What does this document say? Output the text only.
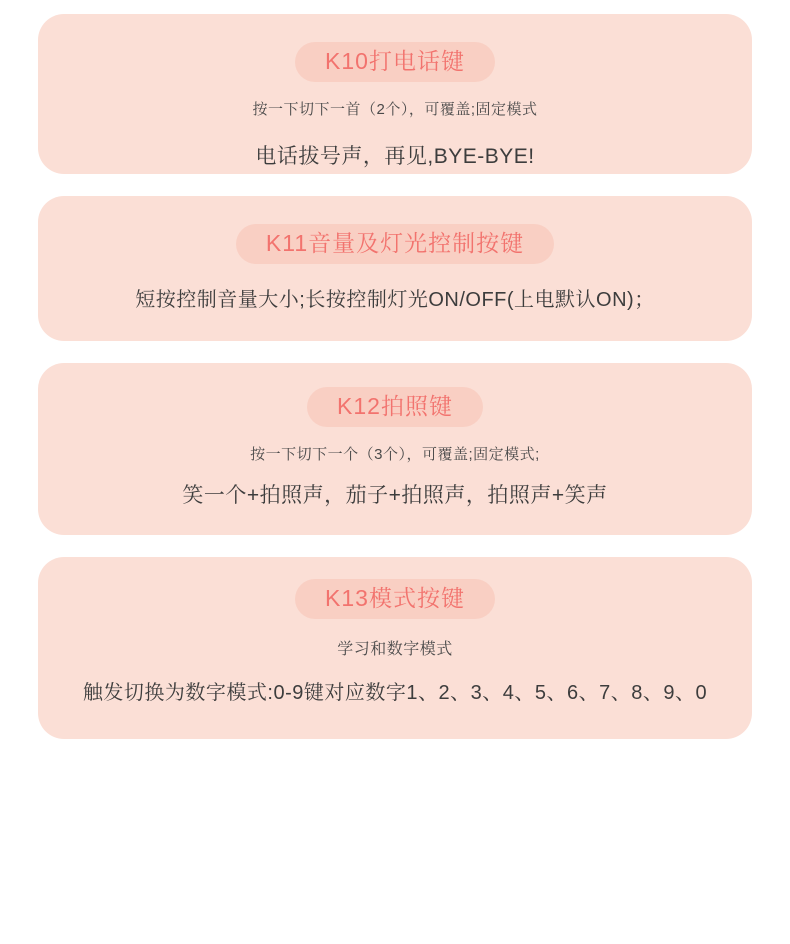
K10打电话键
按一下切下一首（2个），可覆盖;固定模式
电话拔号声，再见,BYE-BYE!
K11音量及灯光控制按键
短按控制音量大小;长按控制灯光ON/OFF(上电默认ON)；
K12拍照键
按一下切下一个（3个），可覆盖;固定模式;
笑一个+拍照声，茄子+拍照声，拍照声+笑声
K13模式按键
学习和数字模式
触发切换为数字模式:0-9键对应数字1、2、3、4、5、6、7、8、9、0
